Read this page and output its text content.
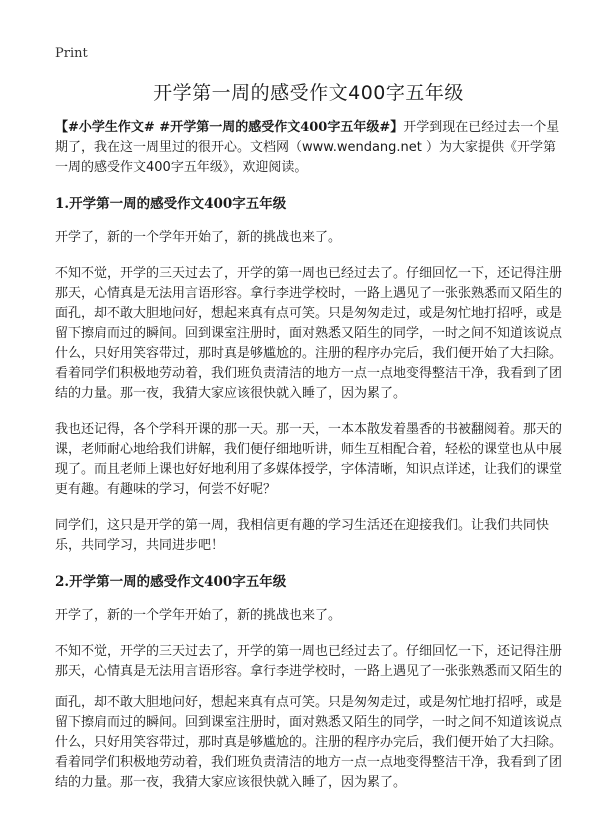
Print
开学第一周的感受作文400字五年级

【#小学生作文# #开学第一周的感受作文400字五年级#】开学到现在已经过去一个星期了，我在这一周里过的很开心。文档网（www.wendang.net ）为大家提供《开学第一周的感受作文400字五年级》，欢迎阅读。

1.开学第一周的感受作文400字五年级

开学了，新的一个学年开始了，新的挑战也来了。

不知不觉，开学的三天过去了，开学的第一周也已经过去了。仔细回忆一下，还记得注册那天，心情真是无法用言语形容。拿行李进学校时，一路上遇见了一张张熟悉而又陌生的面孔，却不敢大胆地问好，想起来真有点可笑。只是匆匆走过，或是匆忙地打招呼，或是留下擦肩而过的瞬间。回到课室注册时，面对熟悉又陌生的同学，一时之间不知道该说点什么，只好用笑容带过，那时真是够尴尬的。注册的程序办完后，我们便开始了大扫除。看着同学们积极地劳动着，我们班负责清洁的地方一点一点地变得整洁干净，我看到了团结的力量。那一夜，我猜大家应该很快就入睡了，因为累了。

我也还记得，各个学科开课的那一天。那一天，一本本散发着墨香的书被翻阅着。那天的课，老师耐心地给我们讲解，我们便仔细地听讲，师生互相配合着，轻松的课堂也从中展现了。而且老师上课也好好地利用了多媒体授学，字体清晰，知识点详述，让我们的课堂更有趣。有趣味的学习，何尝不好呢？

同学们，这只是开学的第一周，我相信更有趣的学习生活还在迎接我们。让我们共同快乐，共同学习，共同进步吧！

2.开学第一周的感受作文400字五年级

开学了，新的一个学年开始了，新的挑战也来了。

不知不觉，开学的三天过去了，开学的第一周也已经过去了。仔细回忆一下，还记得注册那天，心情真是无法用言语形容。拿行李进学校时，一路上遇见了一张张熟悉而又陌生的

面孔，却不敢大胆地问好，想起来真有点可笑。只是匆匆走过，或是匆忙地打招呼，或是留下擦肩而过的瞬间。回到课室注册时，面对熟悉又陌生的同学，一时之间不知道该说点什么，只好用笑容带过，那时真是够尴尬的。注册的程序办完后，我们便开始了大扫除。看着同学们积极地劳动着，我们班负责清洁的地方一点一点地变得整洁干净，我看到了团结的力量。那一夜，我猜大家应该很快就入睡了，因为累了。
